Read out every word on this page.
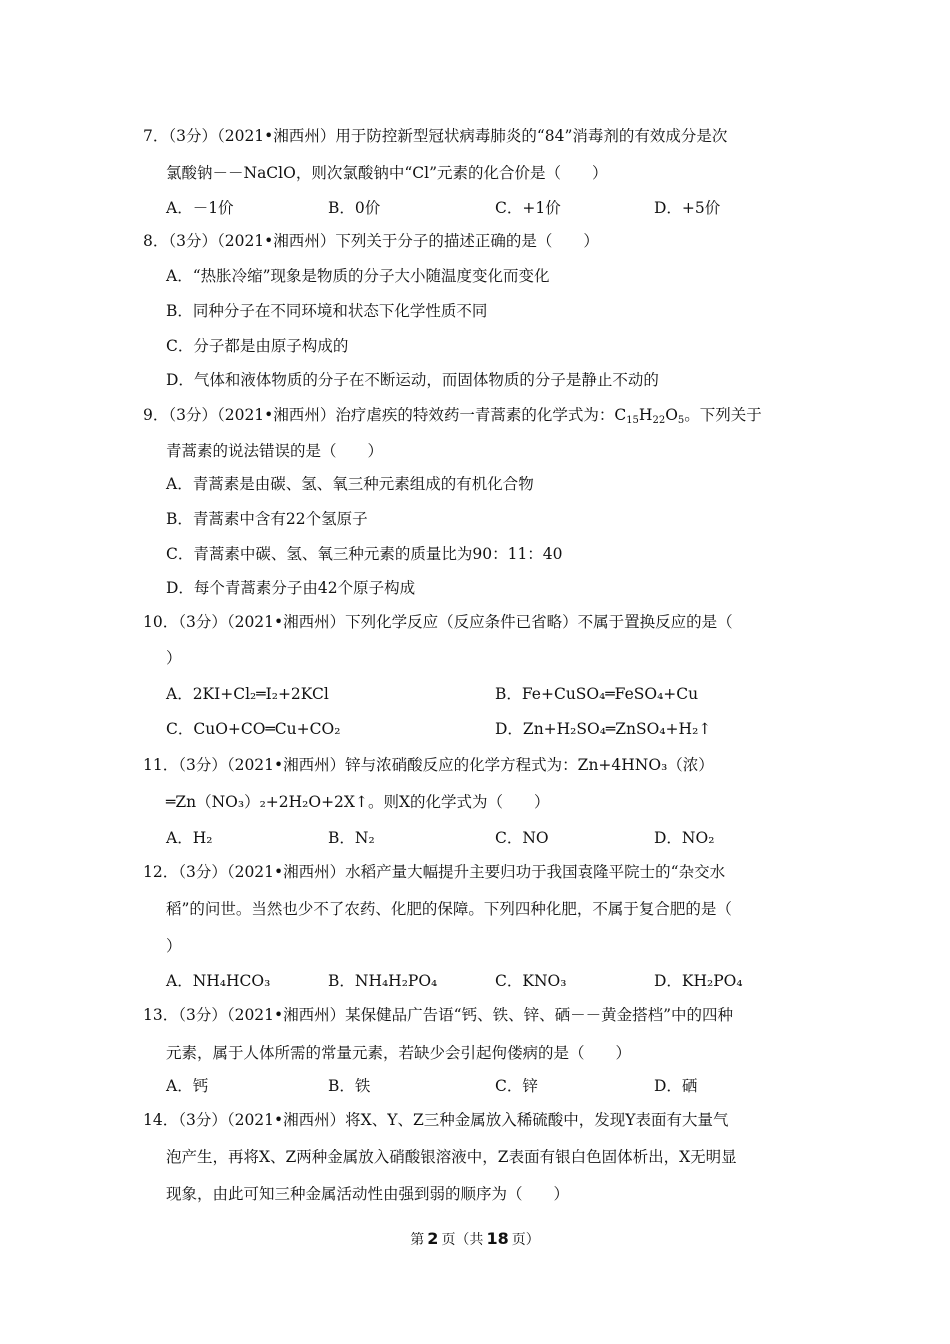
7．（3分）（2021•湘西州）用于防控新型冠状病毒肺炎的“84”消毒剂的有效成分是次
氯酸钠－－NaClO，则次氯酸钠中“Cl”元素的化合价是（　　）
A．－1价	B．0价	C．+1价	D．+5价
8．（3分）（2021•湘西州）下列关于分子的描述正确的是（　　）
A．“热胀冷缩”现象是物质的分子大小随温度变化而变化
B．同种分子在不同环境和状态下化学性质不同
C．分子都是由原子构成的
D．气体和液体物质的分子在不断运动，而固体物质的分子是静止不动的
9．（3分）（2021•湘西州）治疗虐疾的特效药一青蒿素的化学式为：$C_{15}H_{22}O_5$。下列关于
青蒿素的说法错误的是（　　）
A．青蒿素是由碳、氢、氧三种元素组成的有机化合物
B．青蒿素中含有22个氢原子
C．青蒿素中碳、氢、氧三种元素的质量比为90：11：40
D．每个青蒿素分子由42个原子构成
10．（3分）（2021•湘西州）下列化学反应（反应条件已省略）不属于置换反应的是（
）
A．2KI+Cl₂═I₂+2KCl	B．Fe+CuSO₄═FeSO₄+Cu
C．CuO+CO═Cu+CO₂	D．Zn+H₂SO₄═ZnSO₄+H₂↑
11．（3分）（2021•湘西州）锌与浓硝酸反应的化学方程式为：Zn+4HNO₃（浓）
═Zn（NO₃）₂+2H₂O+2X↑。则X的化学式为（　　）
A．H₂	B．N₂	C．NO	D．NO₂
12．（3分）（2021•湘西州）水稻产量大幅提升主要归功于我国袁隆平院士的“杂交水
稻”的问世。当然也少不了农药、化肥的保障。下列四种化肥，不属于复合肥的是（
）
A．NH₄HCO₃	B．NH₄H₂PO₄	C．KNO₃	D．KH₂PO₄
13．（3分）（2021•湘西州）某保健品广告语“钙、铁、锌、硒－－黄金搭档”中的四种
元素，属于人体所需的常量元素，若缺少会引起佝偻病的是（　　）
A．钙	B．铁	C．锌	D．硒
14．（3分）（2021•湘西州）将X、Y、Z三种金属放入稀硫酸中，发现Y表面有大量气
泡产生，再将X、Z两种金属放入硝酸银溶液中，Z表面有银白色固体析出，X无明显
现象，由此可知三种金属活动性由强到弱的顺序为（　　）
第 2 页（共 18 页）
